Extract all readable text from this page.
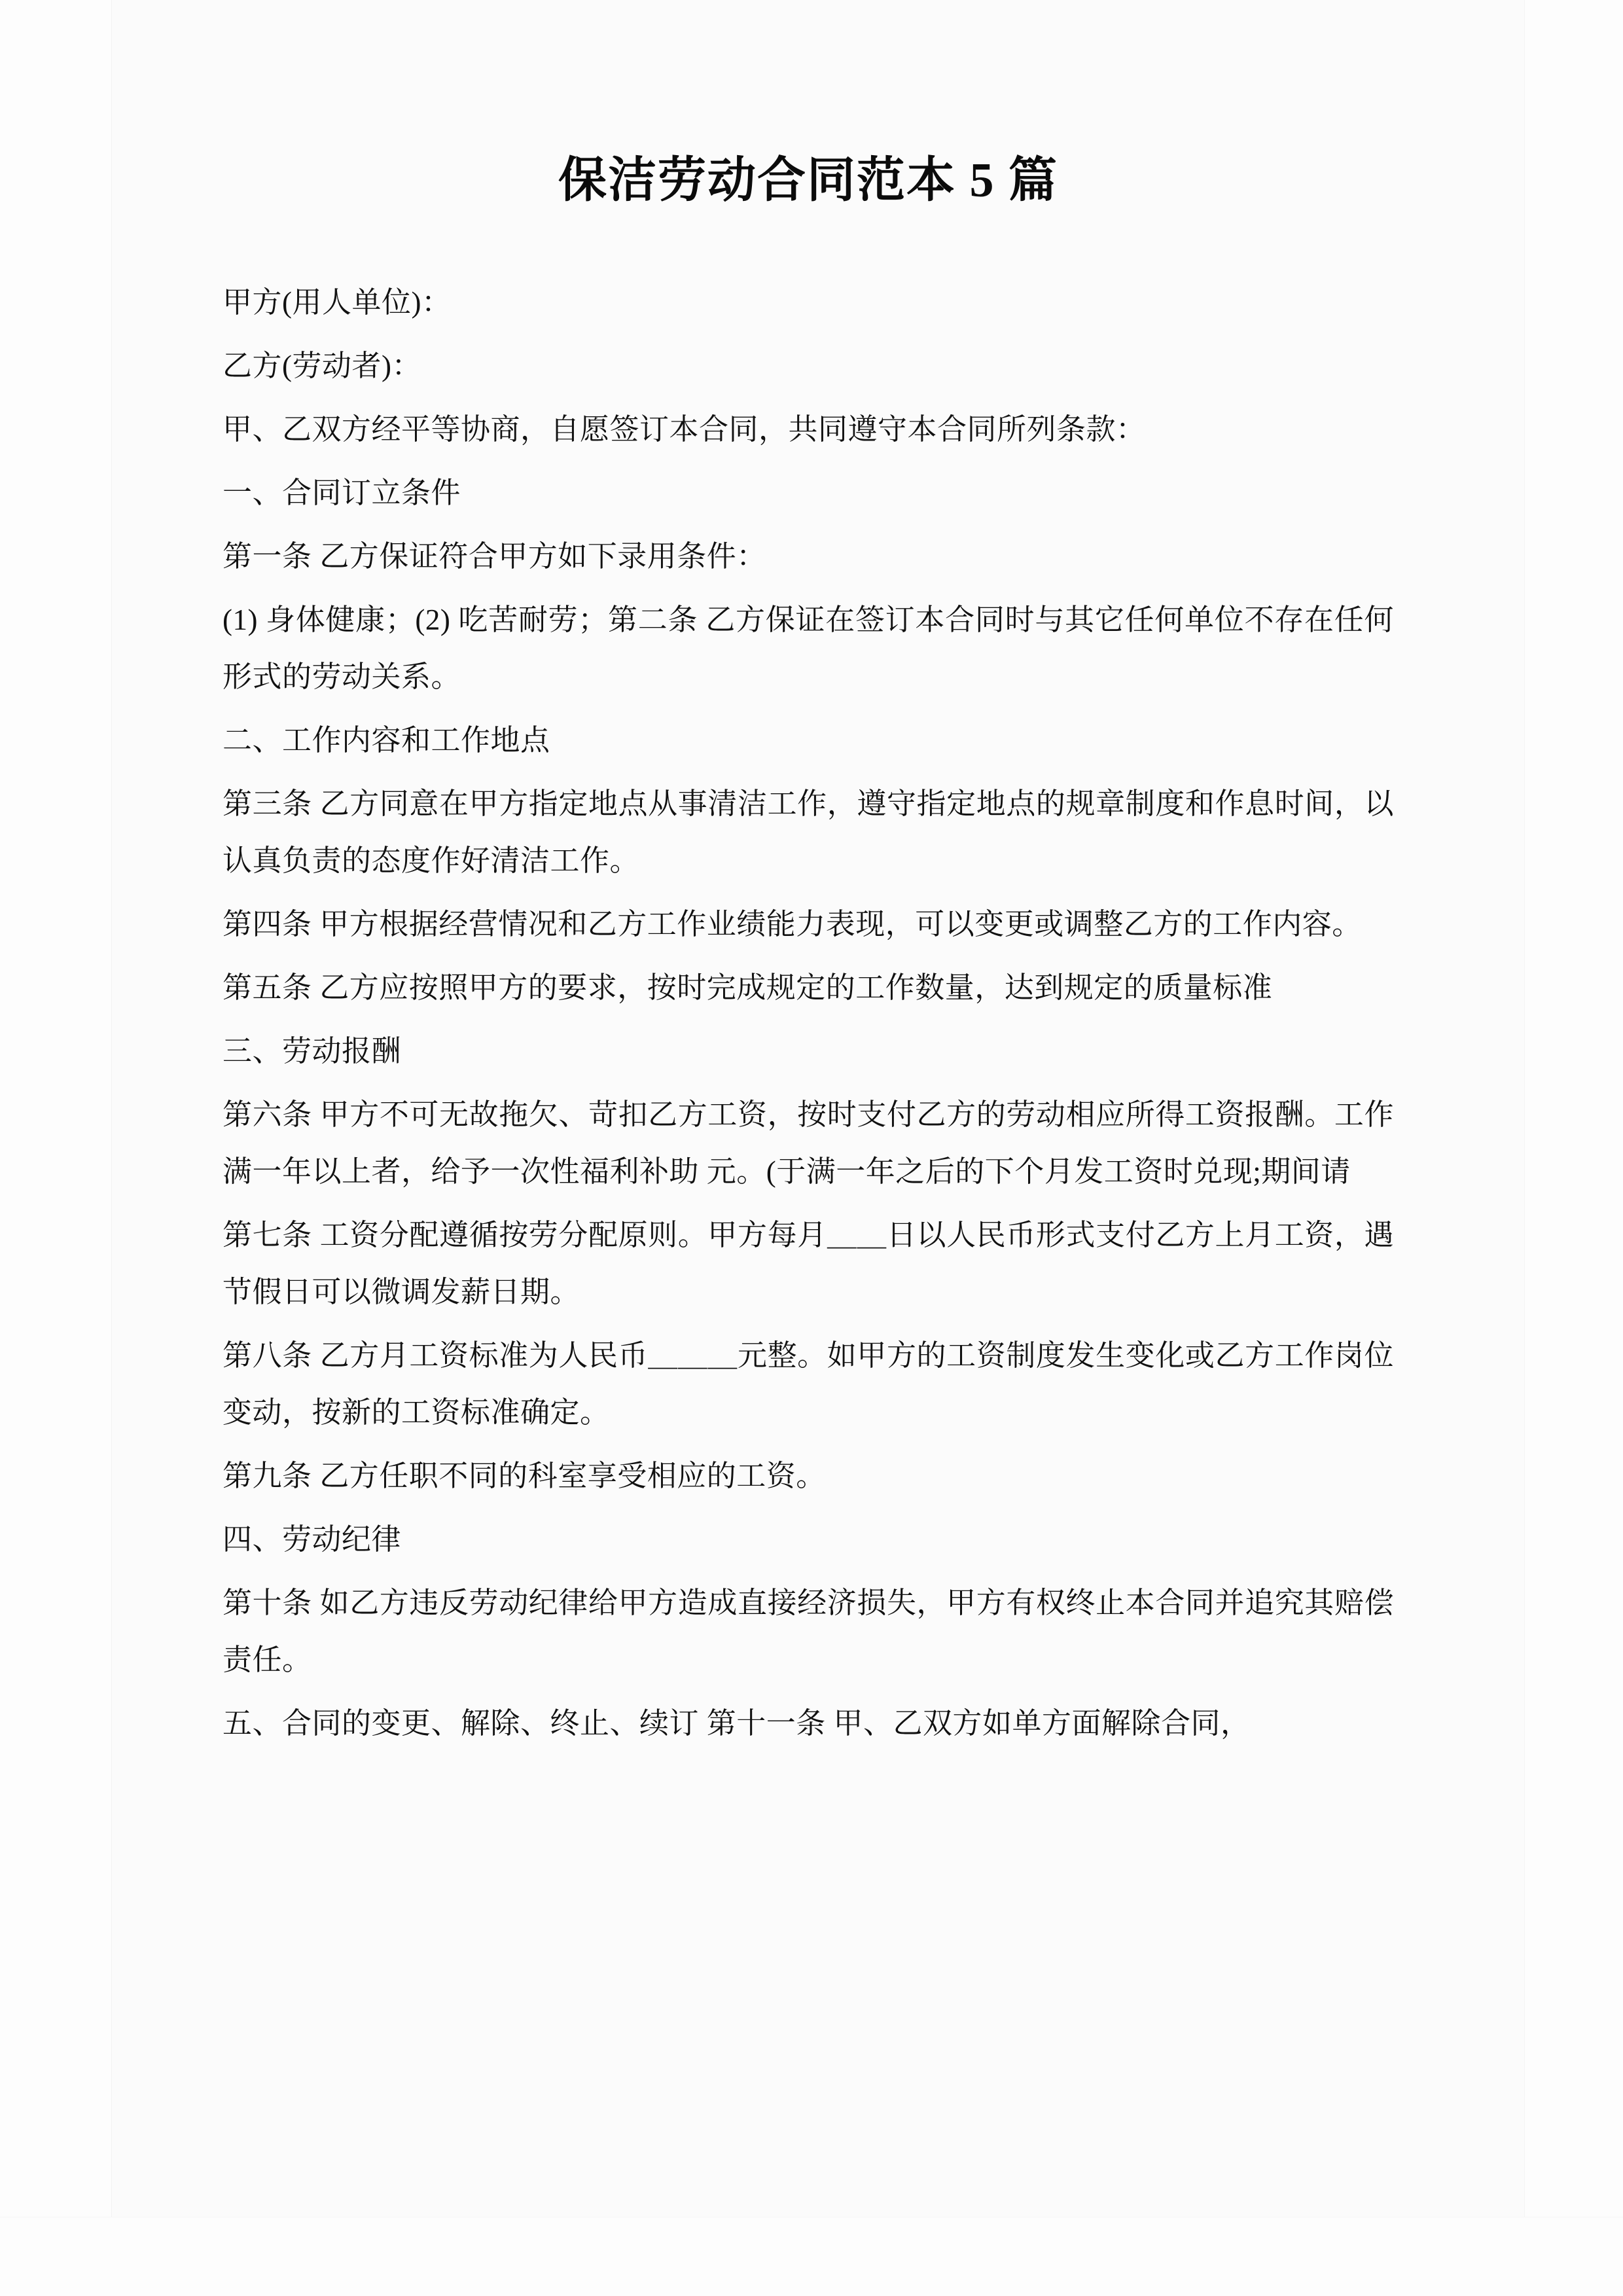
保洁劳动合同范本 5 篇

甲方(用人单位)：

乙方(劳动者)：

甲、乙双方经平等协商，自愿签订本合同，共同遵守本合同所列条款：

一、合同订立条件

第一条 乙方保证符合甲方如下录用条件：

(1) 身体健康；(2) 吃苦耐劳；第二条 乙方保证在签订本合同时与其它任何单位不存在任何形式的劳动关系。

二、工作内容和工作地点

第三条 乙方同意在甲方指定地点从事清洁工作，遵守指定地点的规章制度和作息时间，以认真负责的态度作好清洁工作。

第四条 甲方根据经营情况和乙方工作业绩能力表现，可以变更或调整乙方的工作内容。

第五条 乙方应按照甲方的要求，按时完成规定的工作数量，达到规定的质量标准

三、劳动报酬

第六条 甲方不可无故拖欠、苛扣乙方工资，按时支付乙方的劳动相应所得工资报酬。工作满一年以上者，给予一次性福利补助 元。(于满一年之后的下个月发工资时兑现;期间请

第七条 工资分配遵循按劳分配原则。甲方每月＿＿日以人民币形式支付乙方上月工资，遇节假日可以微调发薪日期。

第八条 乙方月工资标准为人民币＿＿＿元整。如甲方的工资制度发生变化或乙方工作岗位变动，按新的工资标准确定。

第九条 乙方任职不同的科室享受相应的工资。

四、劳动纪律

第十条 如乙方违反劳动纪律给甲方造成直接经济损失，甲方有权终止本合同并追究其赔偿责任。

五、合同的变更、解除、终止、续订 第十一条 甲、乙双方如单方面解除合同，
